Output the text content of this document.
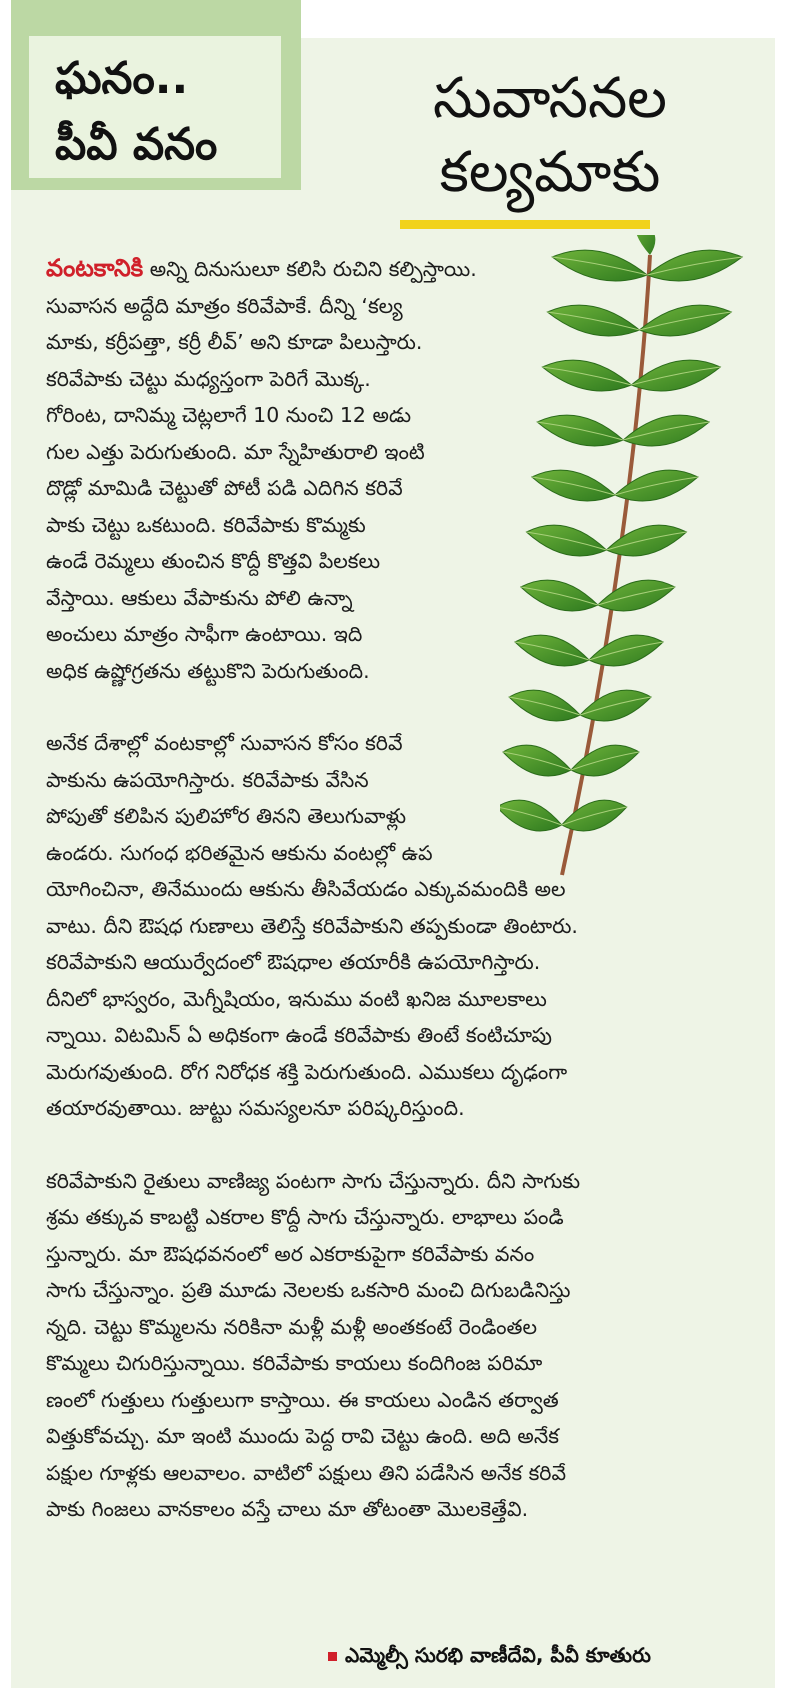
ఘనం..
పీవీ వనం
సువాసనల
కల్యమాకు
వంటకానికి అన్ని దినుసులూ కలిసి రుచిని కల్పిస్తాయి.
సువాసన అద్దేది మాత్రం కరివేపాకే. దీన్ని ‘కల్య
మాకు, కర్రీపత్తా, కర్రీ లీవ్’ అని కూడా పిలుస్తారు.
కరివేపాకు చెట్టు మధ్యస్తంగా పెరిగే మొక్క.
గోరింట, దానిమ్మ చెట్లలాగే 10 నుంచి 12 అడు
గుల ఎత్తు పెరుగుతుంది. మా స్నేహితురాలి ఇంటి
దొడ్లో మామిడి చెట్టుతో పోటీ పడి ఎదిగిన కరివే
పాకు చెట్టు ఒకటుంది. కరివేపాకు కొమ్మకు
ఉండే రెమ్మలు తుంచిన కొద్దీ కొత్తవి పిలకలు
వేస్తాయి. ఆకులు వేపాకును పోలి ఉన్నా
అంచులు మాత్రం సాఫీగా ఉంటాయి. ఇది
అధిక ఉష్ణోగ్రతను తట్టుకొని పెరుగుతుంది.
అనేక దేశాల్లో వంటకాల్లో సువాసన కోసం కరివే
పాకును ఉపయోగిస్తారు. కరివేపాకు వేసిన
పోపుతో కలిపిన పులిహోర తినని తెలుగువాళ్లు
ఉండరు. సుగంధ భరితమైన ఆకును వంటల్లో ఉప
యోగించినా, తినేముందు ఆకును తీసివేయడం ఎక్కువమందికి అల
వాటు. దీని ఔషధ గుణాలు తెలిస్తే కరివేపాకుని తప్పకుండా తింటారు.
కరివేపాకుని ఆయుర్వేదంలో ఔషధాల తయారీకి ఉపయోగిస్తారు.
దీనిలో భాస్వరం, మెగ్నీషియం, ఇనుము వంటి ఖనిజ మూలకాలు
న్నాయి. విటమిన్ ఏ అధికంగా ఉండే కరివేపాకు తింటే కంటిచూపు
మెరుగవుతుంది. రోగ నిరోధక శక్తి పెరుగుతుంది. ఎముకలు దృఢంగా
తయారవుతాయి. జుట్టు సమస్యలనూ పరిష్కరిస్తుంది.
కరివేపాకుని రైతులు వాణిజ్య పంటగా సాగు చేస్తున్నారు. దీని సాగుకు
శ్రమ తక్కువ కాబట్టి ఎకరాల కొద్దీ సాగు చేస్తున్నారు. లాభాలు పండి
స్తున్నారు. మా ఔషధవనంలో అర ఎకరాకుపైగా కరివేపాకు వనం
సాగు చేస్తున్నాం. ప్రతి మూడు నెలలకు ఒకసారి మంచి దిగుబడినిస్తు
న్నది. చెట్టు కొమ్మలను నరికినా మళ్లీ మళ్లీ అంతకంటే రెండింతల
కొమ్మలు చిగురిస్తున్నాయి. కరివేపాకు కాయలు కందిగింజ పరిమా
ణంలో గుత్తులు గుత్తులుగా కాస్తాయి. ఈ కాయలు ఎండిన తర్వాత
విత్తుకోవచ్చు. మా ఇంటి ముందు పెద్ద రావి చెట్టు ఉంది. అది అనేక
పక్షుల గూళ్లకు ఆలవాలం. వాటిలో పక్షులు తిని పడేసిన అనేక కరివే
పాకు గింజలు వానకాలం వస్తే చాలు మా తోటంతా మొలకెత్తేవి.
ఎమ్మెల్సీ సురభి వాణీదేవి, పీవీ కూతురు
